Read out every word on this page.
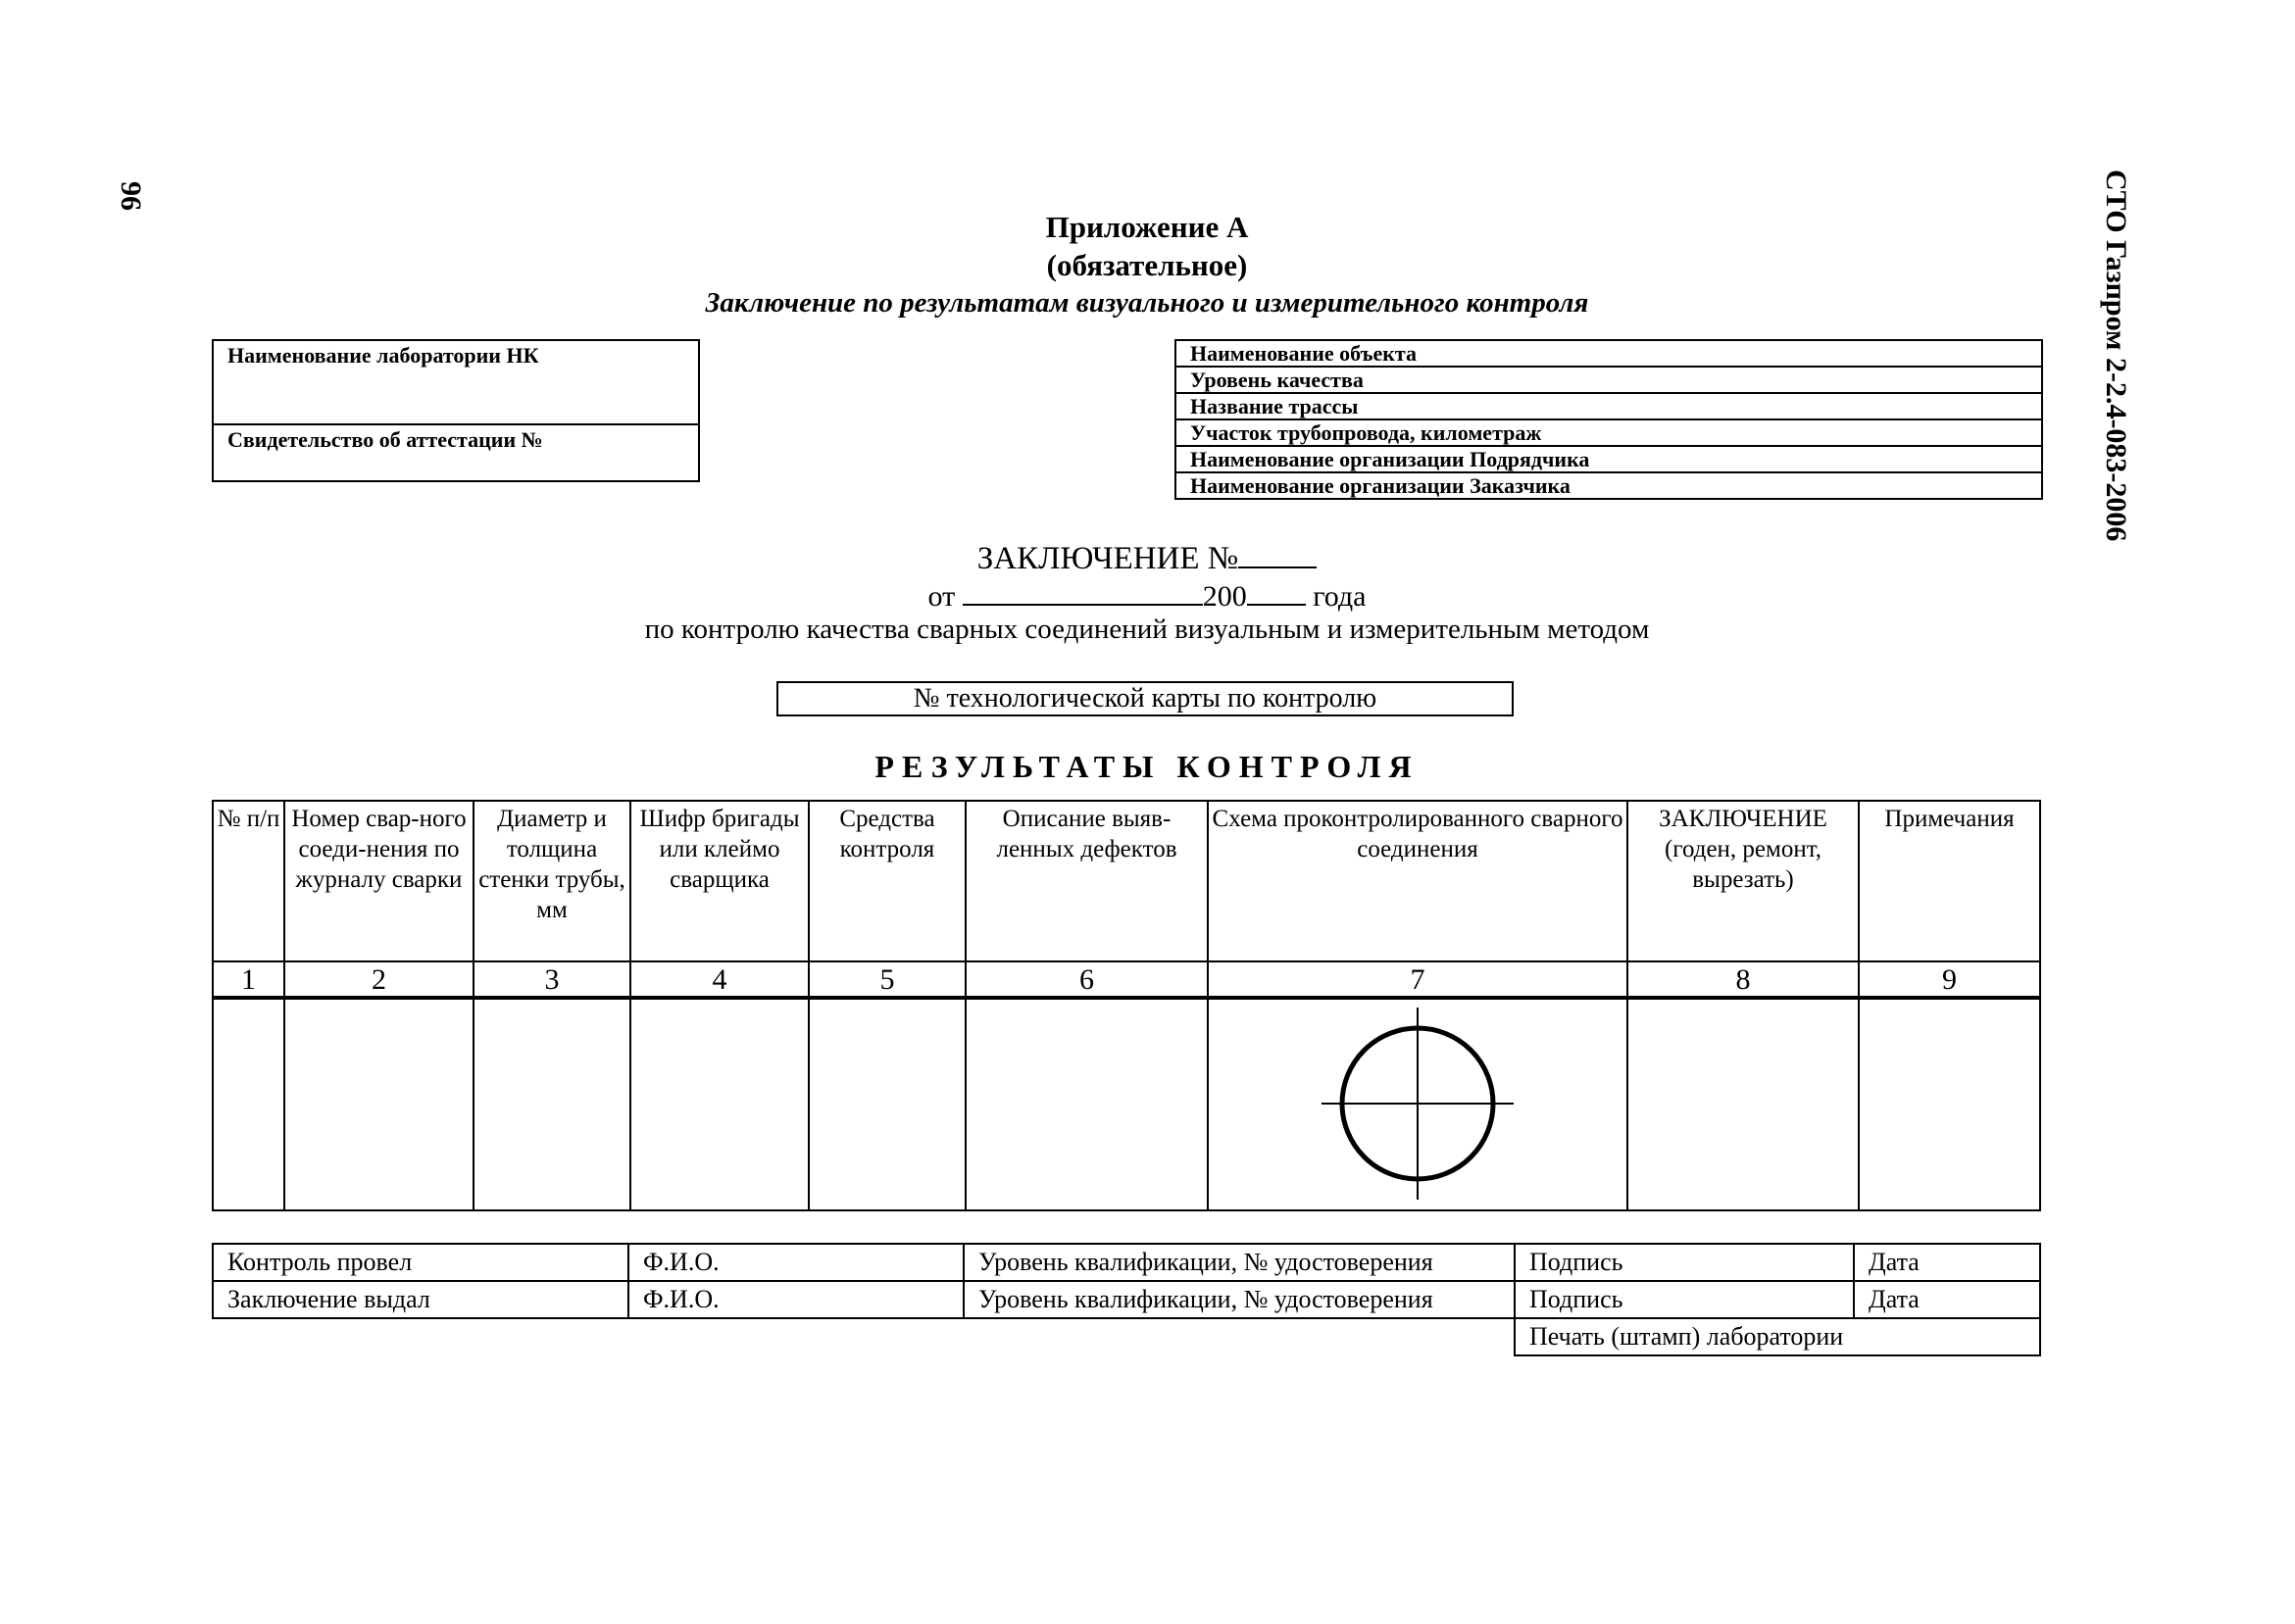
96	СТО Газпром 2-2.4-083-2006
Приложение А
(обязательное)
Заключение по результатам визуального и измерительного контроля
Наименование лаборатории НК
Свидетельство об аттестации №
Наименование объекта
Уровень качества
Название трассы
Участок трубопровода, километраж
Наименование организации Подрядчика
Наименование организации Заказчика
ЗАКЛЮЧЕНИЕ №
от	200 года
по контролю качества сварных соединений визуальным и измерительным методом
№ технологической карты по контролю
РЕЗУЛЬТАТЫ КОНТРОЛЯ
№ п/п	Номер свар-ного соеди-нения по журналу сварки	Диаметр и толщина стенки трубы, мм	Шифр бригады или клеймо сварщика	Средства контроля	Описание выяв-ленных дефектов	Схема проконтролированного сварного соединения	ЗАКЛЮЧЕНИЕ (годен, ремонт, вырезать)	Примечания
1	2	3	4	5	6	7	8	9

Контроль провел	Ф.И.О.	Уровень квалификации, № удостоверения	Подпись	Дата
Заключение выдал	Ф.И.О.	Уровень квалификации, № удостоверения	Подпись	Дата
			Печать (штамп) лаборатории	
